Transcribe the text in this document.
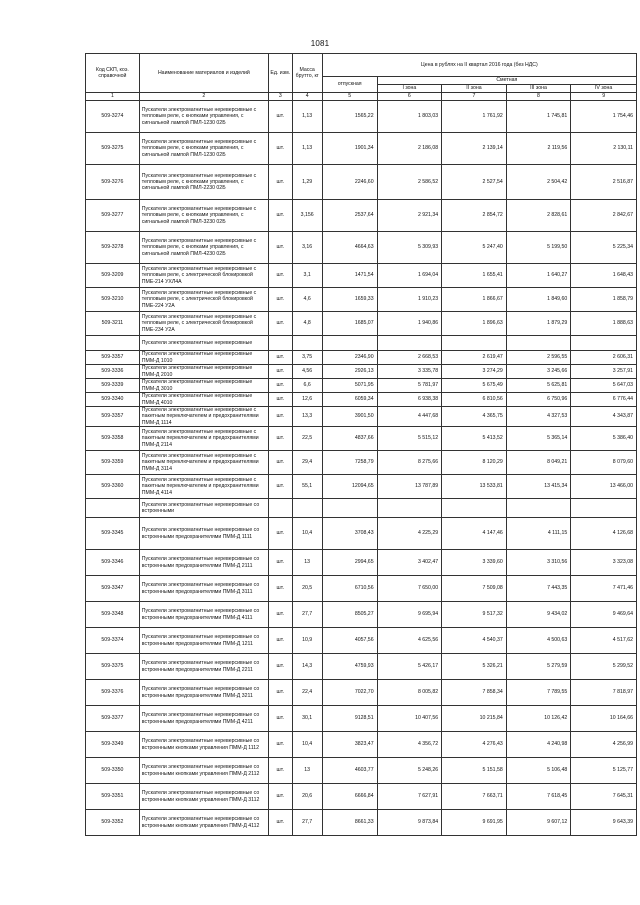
1081
Код СКП, коэ. справочной	Наименование материалов и изделий	Ед. изм.	Масса брутто, кг	Цена в рублях на II квартал 2016 года (без НДС)				
				отпускная	Сметная			
					I зона	II зона	III зона	IV зона
1	2	3	4	5	6	7	8	9
509-3274	Пускатели электромагнитные нереверсивные с тепловым реле, с кнопками управления, с сигнальной лампой ПМЛ-1230 02Б	шт.	1,13	1565,22	1 803,03	1 761,92	1 745,81	1 754,46
509-3275	Пускатели электромагнитные нереверсивные с тепловым реле, с кнопками управления, с сигнальной лампой ПМЛ-1230 02Б	шт.	1,13	1901,34	2 186,08	2 139,14	2 119,56	2 130,11
509-3276	Пускатели электромагнитные нереверсивные с тепловым реле, с кнопками управления, с сигнальной лампой ПМЛ-2230 02Б	шт.	1,29	2246,60	2 586,52	2 527,54	2 504,42	2 516,87
509-3277	Пускатели электромагнитные нереверсивные с тепловым реле, с кнопками управления, с сигнальной лампой ПМЛ-3230 02Б	шт.	3,156	2537,64	2 921,34	2 854,72	2 828,61	2 842,67
509-3278	Пускатели электромагнитные нереверсивные с тепловым реле, с кнопками управления, с сигнальной лампой ПМЛ-4230 02Б	шт.	3,16	4664,63	5 309,93	5 247,40	5 199,50	5 225,34
509-3209	Пускатели электромагнитные нереверсивные с тепловым реле, с электрической блокировкой ПМЕ-214 УХЛ4А	шт.	3,1	1471,54	1 694,04	1 655,41	1 640,27	1 648,43
509-3210	Пускатели электромагнитные нереверсивные с тепловым реле, с электрической блокировкой ПМЕ-224 У2А	шт.	4,6	1659,33	1 910,23	1 866,67	1 849,60	1 858,79
509-3211	Пускатели электромагнитные нереверсивные с тепловым реле, с электрической блокировкой ПМЕ-234 У2А	шт.	4,8	1685,07	1 940,86	1 896,63	1 879,29	1 888,63
	Пускатели электромагнитные нереверсивные							
509-3357	Пускатели электромагнитные нереверсивные ПММ-Д 1010	шт.	3,75	2346,90	2 668,53	2 619,47	2 596,55	2 606,31
509-3336	Пускатели электромагнитные нереверсивные ПММ-Д 2010	шт.	4,56	2926,13	3 335,78	3 274,29	3 245,66	3 257,91
509-3339	Пускатели электромагнитные нереверсивные ПММ-Д 3010	шт.	6,6	5071,95	5 781,97	5 675,49	5 625,81	5 647,03
509-3340	Пускатели электромагнитные нереверсивные ПММ-Д 4010	шт.	12,6	6059,34	6 938,38	6 810,56	6 750,96	6 776,44
509-3357	Пускатели электромагнитные нереверсивные с пакетным переключателем и предохранителями ПММ-Д 1114	шт.	13,3	3901,50	4 447,68	4 365,75	4 327,53	4 343,87
509-3358	Пускатели электромагнитные нереверсивные с пакетным переключателем и предохранителями ПММ-Д 2114	шт.	22,5	4837,66	5 515,12	5 413,52	5 365,14	5 386,40
509-3359	Пускатели электромагнитные нереверсивные с пакетным переключателем и предохранителями ПММ-Д 3114	шт.	29,4	7258,79	8 275,66	8 120,29	8 049,21	8 079,60
509-3360	Пускатели электромагнитные нереверсивные с пакетным переключателем и предохранителями ПММ-Д 4114	шт.	55,1	12094,65	13 787,89	13 533,81	13 415,34	13 466,00
	Пускатели электромагнитные нереверсивные со встроенными							
509-3345	Пускатели электромагнитные нереверсивные со встроенными предохранителями ПММ-Д 1111	шт.	10,4	3708,43	4 225,29	4 147,46	4 111,15	4 126,68
509-3346	Пускатели электромагнитные нереверсивные со встроенными предохранителями ПММ-Д 2111	шт.	13	2994,65	3 402,47	3 339,60	3 310,56	3 323,08
509-3347	Пускатели электромагнитные нереверсивные со встроенными предохранителями ПММ-Д 3111	шт.	20,5	6710,56	7 650,00	7 509,08	7 443,35	7 471,46
509-3348	Пускатели электромагнитные нереверсивные со встроенными предохранителями ПММ-Д 4111	шт.	27,7	8505,27	9 695,94	9 517,32	9 434,02	9 469,64
509-3374	Пускатели электромагнитные нереверсивные со встроенными предохранителями ПММ-Д 1211	шт.	10,9	4057,56	4 625,56	4 540,37	4 500,63	4 517,62
509-3375	Пускатели электромагнитные нереверсивные со встроенными предохранителями ПММ-Д 2211	шт.	14,3	4759,93	5 426,17	5 326,21	5 279,59	5 299,52
509-3376	Пускатели электромагнитные нереверсивные со встроенными предохранителями ПММ-Д 3211	шт.	22,4	7022,70	8 005,82	7 858,34	7 789,55	7 818,97
509-3377	Пускатели электромагнитные нереверсивные со встроенными предохранителями ПММ-Д 4211	шт.	30,1	9128,51	10 407,56	10 215,84	10 126,42	10 164,66
509-3349	Пускатели электромагнитные нереверсивные со встроенными кнопками управления ПММ-Д 1112	шт.	10,4	3823,47	4 356,72	4 276,43	4 240,98	4 256,99
509-3350	Пускатели электромагнитные нереверсивные со встроенными кнопками управления ПММ-Д 2112	шт.	13	4603,77	5 248,26	5 151,58	5 106,48	5 125,77
509-3351	Пускатели электромагнитные нереверсивные со встроенными кнопками управления ПММ-Д 3112	шт.	20,6	6666,84	7 627,91	7 663,71	7 618,45	7 645,31
509-3352	Пускатели электромагнитные нереверсивные со встроенными кнопками управления ПММ-Д 4112	шт.	27,7	8661,33	9 873,84	9 691,95	9 607,12	9 643,39
